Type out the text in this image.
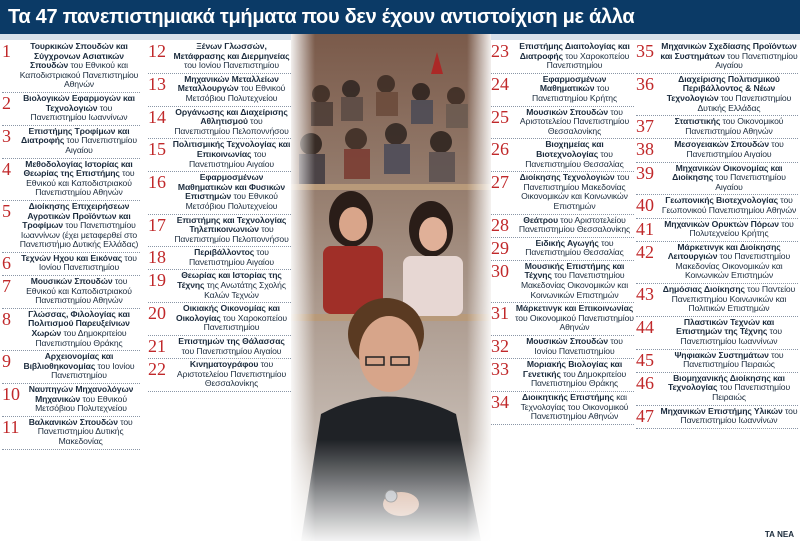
Τα 47 πανεπιστημιακά τμήματα που δεν έχουν αντιστοίχιση με άλλα
1	Τουρκικών Σπουδών και Σύγχρονων Ασιατικών Σπουδών του Εθνικού και Καποδιστριακού Πανεπιστημίου Αθηνών
2	Βιολογικών Εφαρμογών και Τεχνολογιών του Πανεπιστημίου Ιωαννίνων
3	Επιστήμης Τροφίμων και Διατροφής του Πανεπιστημίου Αιγαίου
4	Μεθοδολογίας Ιστορίας και Θεωρίας της Επιστήμης του Εθνικού και Καποδιστριακού Πανεπιστημίου Αθηνών
5	Διοίκησης Επιχειρήσεων Αγροτικών Προϊόντων και Τροφίμων του Πανεπιστημίου Ιωαννίνων (έχει μεταφερθεί στο Πανεπιστήμιο Δυτικής Ελλάδας)
6	Τεχνών Ηχου και Εικόνας του Ιονίου Πανεπιστημίου
7	Μουσικών Σπουδών του Εθνικού και Καποδιστριακού Πανεπιστημίου Αθηνών
8	Γλώσσας, Φιλολογίας και Πολιτισμού Παρευξείνιων Χωρών του Δημοκριτείου Πανεπιστημίου Θράκης
9	Αρχειονομίας και Βιβλιοθηκονομίας του Ιονίου Πανεπιστημίου
10	Ναυπηγών Μηχανολόγων Μηχανικών του Εθνικού Μετσόβιου Πολυτεχνείου
11	Βαλκανικών Σπουδών του Πανεπιστημίου Δυτικής Μακεδονίας
12	Ξένων Γλωσσών, Μετάφρασης και Διερμηνείας του Ιονίου Πανεπιστημίου
13	Μηχανικών Μεταλλείων Μεταλλουργών του Εθνικού Μετσόβιου Πολυτεχνείου
14	Οργάνωσης και Διαχείρισης Αθλητισμού του Πανεπιστημίου Πελοποννήσου
15 Πολιτισμικής Τεχνολογίας και Επικοινωνίας του Πανεπιστημίου Αιγαίου
16	Εφαρμοσμένων Μαθηματικών και Φυσικών Επιστημών του Εθνικού Μετσόβιου Πολυτεχνείου
17	Επιστήμης και Τεχνολογίας Τηλεπικοινωνιών του Πανεπιστημίου Πελοποννήσου
18	Περιβάλλοντος του Πανεπιστημίου Αιγαίου
19	Θεωρίας και Ιστορίας της Τέχνης της Ανωτάτης Σχολής Καλών Τεχνών
20	Οικιακής Οικονομίας και Οικολογίας του Χαροκοπείου Πανεπιστημίου
21	Επιστημών της Θάλασσας του Πανεπιστημίου Αιγαίου
22	Κινηματογράφου του Αριστοτελείου Πανεπιστημίου Θεσσαλονίκης
23	Επιστήμης Διαιτολογίας και Διατροφής του Χαροκοπείου Πανεπιστημίου
24	Εφαρμοσμένων Μαθηματικών του Πανεπιστημίου Κρήτης
25	Μουσικών Σπουδών του Αριστοτελείου Πανεπιστημίου Θεσσαλονίκης
26	Βιοχημείας και Βιοτεχνολογίας του Πανεπιστημίου Θεσσαλίας
27	Διοίκησης Τεχνολογιών του Πανεπιστημίου Μακεδονίας Οικονομικών και Κοινωνικών Επιστημών
28	Θεάτρου του Αριστοτελείου Πανεπιστημίου Θεσσαλονίκης
29	Ειδικής Αγωγής του Πανεπιστημίου Θεσσαλίας
30	Μουσικής Επιστήμης και Τέχνης του Πανεπιστημίου Μακεδονίας Οικονομικών και Κοινωνικών Επιστημών
31 Μάρκετινγκ και Επικοινωνίας του Οικονομικού Πανεπιστημίου Αθηνών
32	Μουσικών Σπουδών του Ιονίου Πανεπιστημίου
33	Μοριακής Βιολογίας και Γενετικής του Δημοκριτείου Πανεπιστημίου Θράκης
34	Διοικητικής Επιστήμης και Τεχνολογίας του Οικονομικού Πανεπιστημίου Αθηνών
35 Μηχανικών Σχεδίασης Προϊόντων και Συστημάτων του Πανεπιστημίου Αιγαίου
36	Διαχείρισης Πολιτισμικού Περιβάλλοντος & Νέων Τεχνολογιών του Πανεπιστημίου Δυτικής Ελλάδας
37	Στατιστικής του Οικονομικού Πανεπιστημίου Αθηνών
38	Μεσογειακών Σπουδών του Πανεπιστημίου Αιγαίου
39	Μηχανικών Οικονομίας και Διοίκησης του Πανεπιστημίου Αιγαίου
40	Γεωπονικής Βιοτεχνολογίας του Γεωπονικού Πανεπιστημίου Αθηνών
41	Μηχανικών Ορυκτών Πόρων του Πολυτεχνείου Κρήτης
42	Μάρκετινγκ και Διοίκησης Λειτουργιών του Πανεπιστημίου Μακεδονίας Οικονομικών και Κοινωνικών Επιστημών
43	Δημόσιας Διοίκησης του Παντείου Πανεπιστημίου Κοινωνικών και Πολιτικών Επιστημών
44	Πλαστικών Τεχνών και Επιστημών της Τέχνης του Πανεπιστημίου Ιωαννίνων
45	Ψηφιακών Συστημάτων του Πανεπιστημίου Πειραιώς
46	Βιομηχανικής Διοίκησης και Τεχνολογίας του Πανεπιστημίου Πειραιώς
47 Μηχανικών Επιστήμης Υλικών του Πανεπιστημίου Ιωαννίνων
ΤΑ ΝΕΑ
